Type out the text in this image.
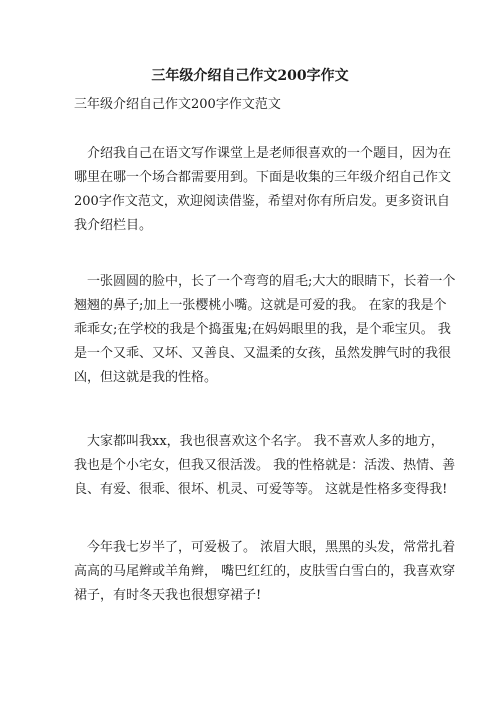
三年级介绍自己作文200字作文
三年级介绍自己作文200字作文范文
　介绍我自己在语文写作课堂上是老师很喜欢的一个题目，因为在
哪里在哪一个场合都需要用到。下面是收集的三年级介绍自己作文
200字作文范文，欢迎阅读借鉴，希望对你有所启发。更多资讯自
我介绍栏目。
　一张圆圆的脸中，长了一个弯弯的眉毛;大大的眼睛下，长着一个
翘翘的鼻子;加上一张樱桃小嘴。这就是可爱的我。 在家的我是个
乖乖女;在学校的我是个捣蛋鬼;在妈妈眼里的我，是个乖宝贝。 我
是一个又乖、又坏、又善良、又温柔的女孩，虽然发脾气时的我很
凶，但这就是我的性格。
　大家都叫我xx，我也很喜欢这个名字。 我不喜欢人多的地方，
我也是个小宅女，但我又很活泼。 我的性格就是：活泼、热情、善
良、有爱、很乖、很坏、机灵、可爱等等。 这就是性格多变得我!
　今年我七岁半了，可爱极了。 浓眉大眼，黑黑的头发，常常扎着
高高的马尾辫或羊角辫， 嘴巴红红的，皮肤雪白雪白的，我喜欢穿
裙子，有时冬天我也很想穿裙子!
